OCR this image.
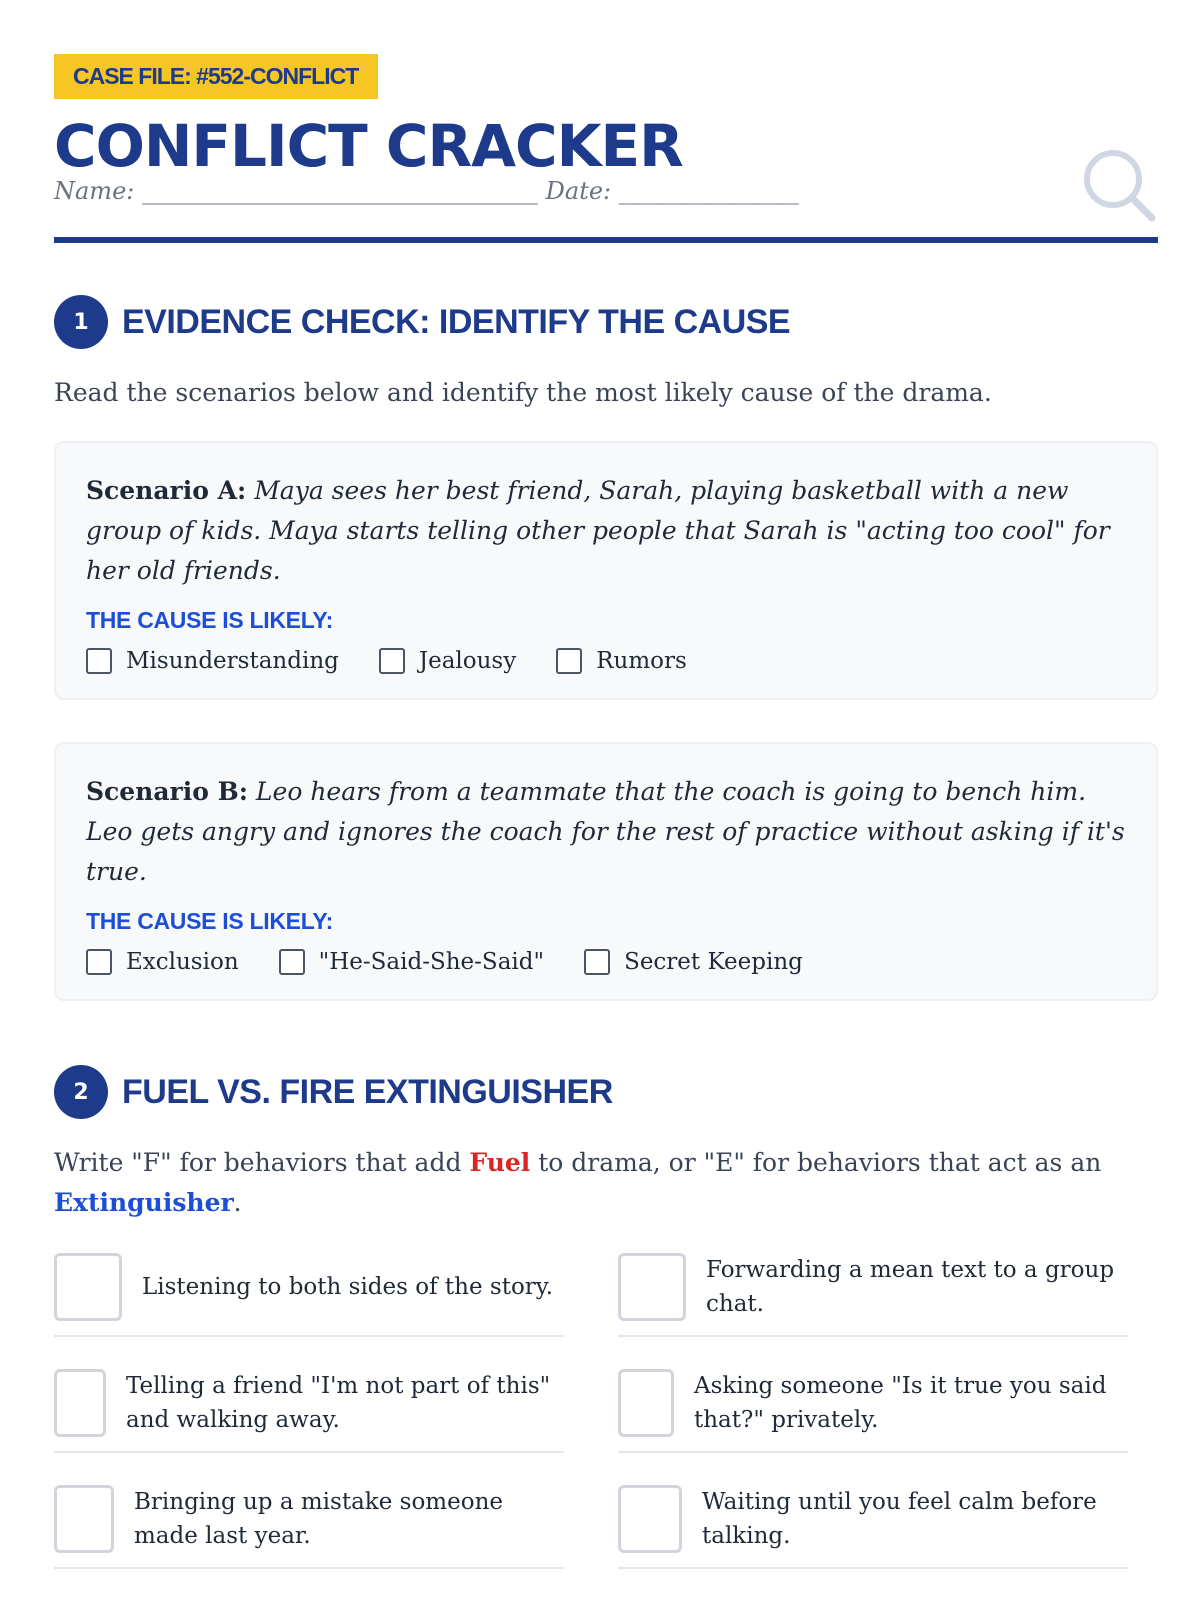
CASE FILE: #552-CONFLICT
CONFLICT CRACKER
Name: _________________________________ Date: _______________
1 EVIDENCE CHECK: IDENTIFY THE CAUSE
Read the scenarios below and identify the most likely cause of the drama.
Scenario A: Maya sees her best friend, Sarah, playing basketball with a new group of kids. Maya starts telling other people that Sarah is "acting too cool" for her old friends.
THE CAUSE IS LIKELY:
Misunderstanding	Jealousy	Rumors
Scenario B: Leo hears from a teammate that the coach is going to bench him. Leo gets angry and ignores the coach for the rest of practice without asking if it's true.
THE CAUSE IS LIKELY:
Exclusion	"He-Said-She-Said"	Secret Keeping
2 FUEL VS. FIRE EXTINGUISHER
Write "F" for behaviors that add Fuel to drama, or "E" for behaviors that act as an Extinguisher.
Listening to both sides of the story.
Forwarding a mean text to a group chat.
Telling a friend "I'm not part of this" and walking away.
Asking someone "Is it true you said that?" privately.
Bringing up a mistake someone made last year.
Waiting until you feel calm before talking.
